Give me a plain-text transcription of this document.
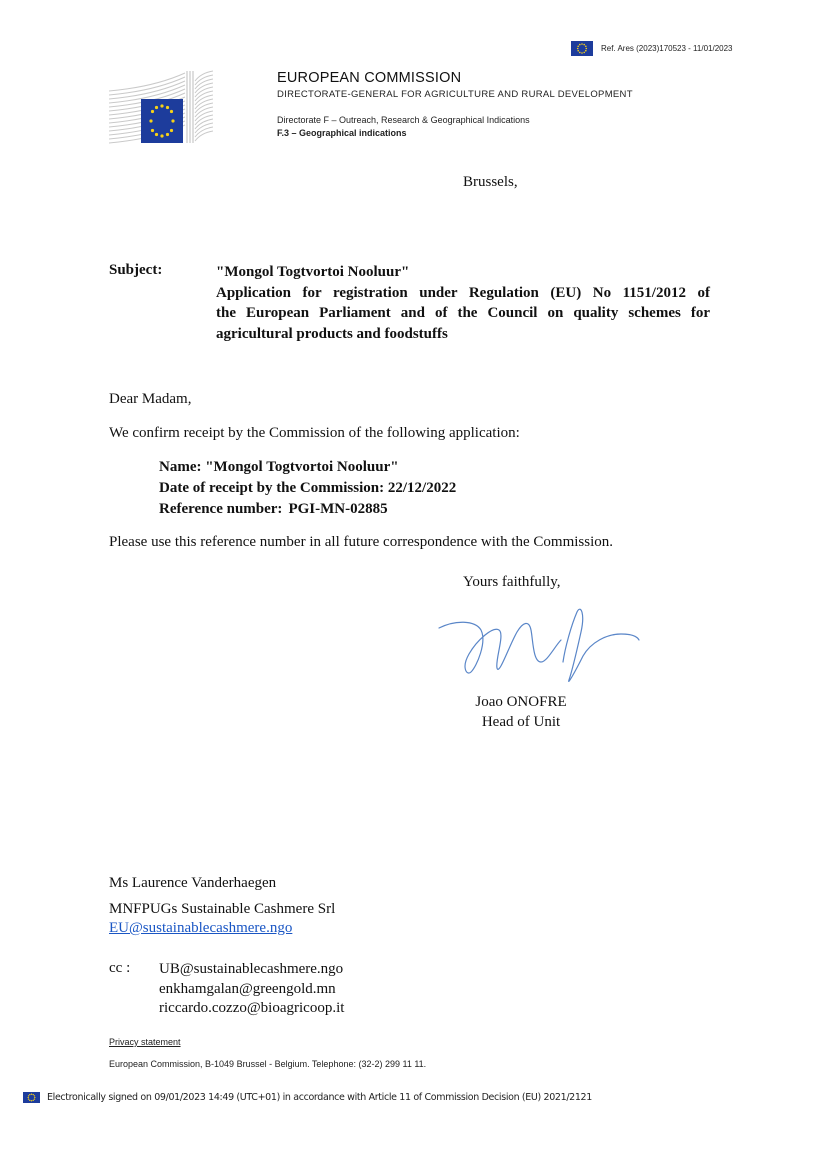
Ref. Ares (2023)170523 - 11/01/2023
EUROPEAN COMMISSION
DIRECTORATE-GENERAL FOR AGRICULTURE AND RURAL DEVELOPMENT
Directorate F – Outreach, Research & Geographical Indications
F.3 – Geographical indications
Brussels,
Subject:	"Mongol Togtvortoi Nooluur"
Application for registration under Regulation (EU) No 1151/2012 of
the European Parliament and of the Council on quality schemes for
agricultural products and foodstuffs
Dear Madam,
We confirm receipt by the Commission of the following application:
Name: "Mongol Togtvortoi Nooluur"
Date of receipt by the Commission: 22/12/2022
Reference number: PGI-MN-02885
Please use this reference number in all future correspondence with the Commission.
Yours faithfully,
Joao ONOFRE
Head of Unit
Ms Laurence Vanderhaegen
MNFPUGs Sustainable Cashmere Srl
EU@sustainablecashmere.ngo
cc : UB@sustainablecashmere.ngo
enkhamgalan@greengold.mn
riccardo.cozzo@bioagricoop.it
Privacy statement
European Commission, B-1049 Brussel - Belgium. Telephone: (32-2) 299 11 11.
Electronically signed on 09/01/2023 14:49 (UTC+01) in accordance with Article 11 of Commission Decision (EU) 2021/2121
